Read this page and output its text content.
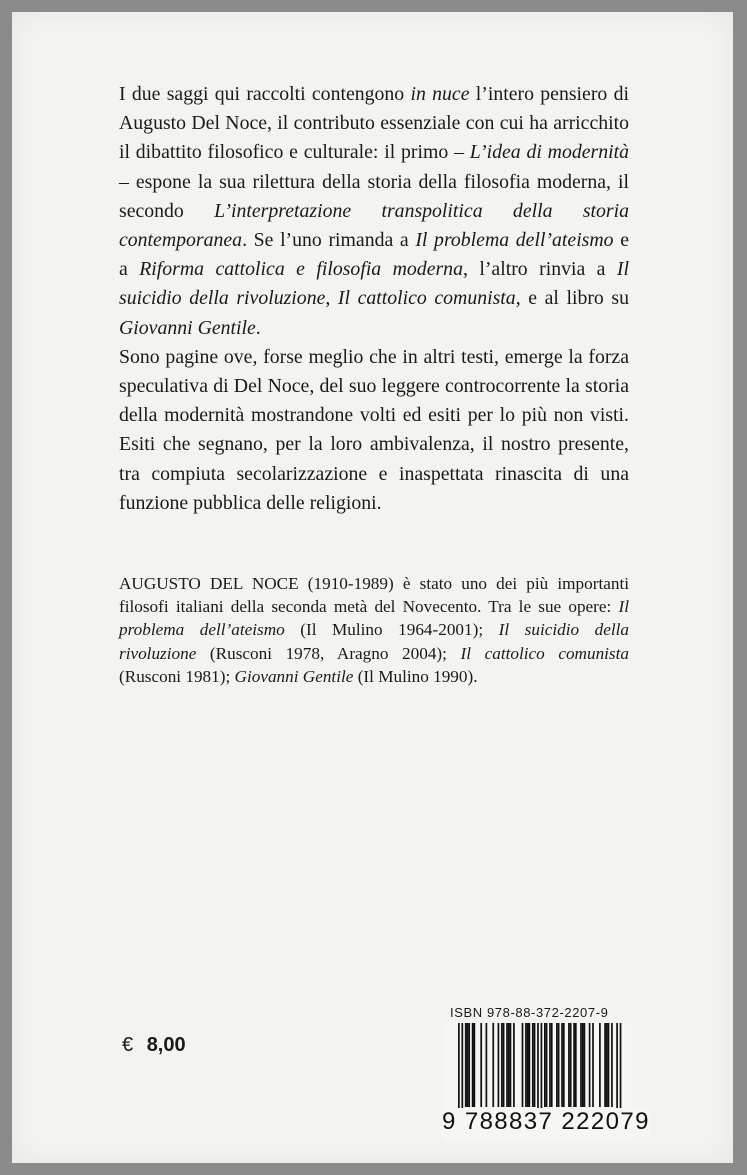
I due saggi qui raccolti contengono in nuce l’intero pensiero di Augusto Del Noce, il contributo essenziale con cui ha arricchito il dibattito filosofico e culturale: il primo – L’idea di modernità – espone la sua rilettura della storia della filosofia moderna, il secondo L’interpretazione transpolitica della storia contemporanea. Se l’uno rimanda a Il problema dell’ateismo e a Riforma cattolica e filosofia moderna, l’altro rinvia a Il suicidio della rivoluzione, Il cattolico comunista, e al libro su Giovanni Gentile.

Sono pagine ove, forse meglio che in altri testi, emerge la forza speculativa di Del Noce, del suo leggere controcorrente la storia della modernità mostrandone volti ed esiti per lo più non visti. Esiti che segnano, per la loro ambivalenza, il nostro presente, tra compiuta secolarizzazione e inaspettata rinascita di una funzione pubblica delle religioni.

AUGUSTO DEL NOCE (1910-1989) è stato uno dei più importanti filosofi italiani della seconda metà del Novecento. Tra le sue opere: Il problema dell’ateismo (Il Mulino 1964-2001); Il suicidio della rivoluzione (Rusconi 1978, Aragno 2004); Il cattolico comunista (Rusconi 1981); Giovanni Gentile (Il Mulino 1990).

€ 8,00
ISBN 978-88-372-2207-9
9 788837 222079
